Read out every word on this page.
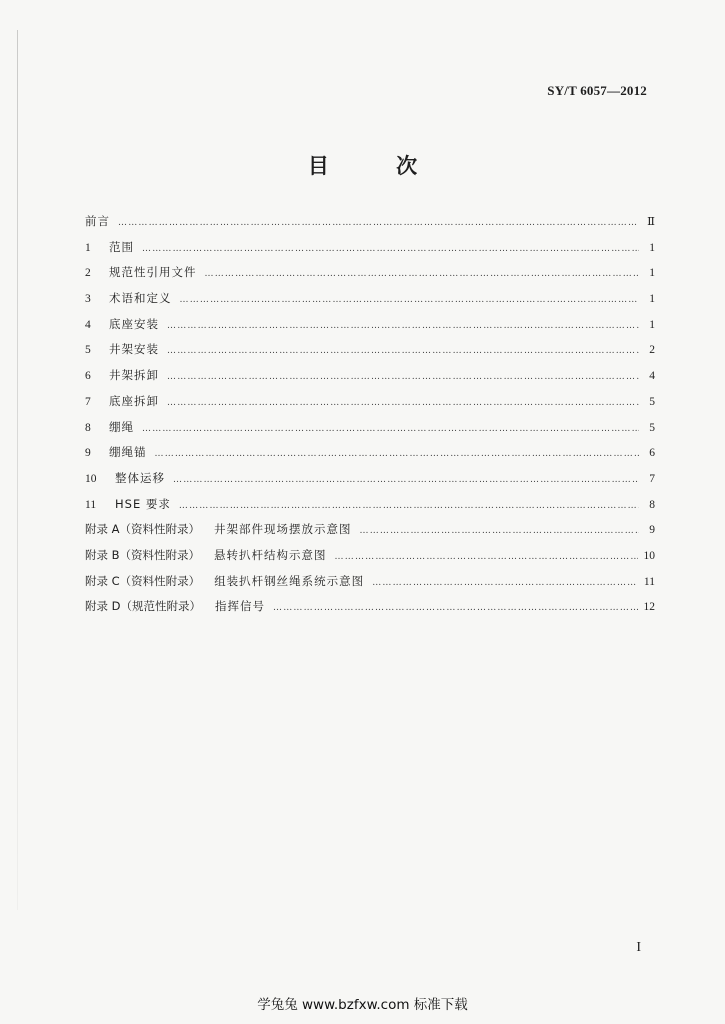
SY/T 6057—2012
目 次
前言 …………………………………………………………………………………………………………………………………………………………………………………………………	Ⅱ
1	范围 …………………………………………………………………………………………………………………………………………………………………………………………………	1
2	规范性引用文件 …………………………………………………………………………………………………………………………………………………………………………………………………	1
3	术语和定义 …………………………………………………………………………………………………………………………………………………………………………………………………	1
4	底座安装 …………………………………………………………………………………………………………………………………………………………………………………………………	1
5	井架安装 …………………………………………………………………………………………………………………………………………………………………………………………………	2
6	井架拆卸 …………………………………………………………………………………………………………………………………………………………………………………………………	4
7	底座拆卸 …………………………………………………………………………………………………………………………………………………………………………………………………	5
8	绷绳 …………………………………………………………………………………………………………………………………………………………………………………………………	5
9	绷绳锚 …………………………………………………………………………………………………………………………………………………………………………………………………	6
10	整体运移 …………………………………………………………………………………………………………………………………………………………………………………………………	7
11	HSE 要求 …………………………………………………………………………………………………………………………………………………………………………………………………	8
附录 A（资料性附录） 井架部件现场摆放示意图 …………………………………………………………………………………………………………………………………………………………………………………………………	9
附录 B（资料性附录） 悬转扒杆结构示意图 …………………………………………………………………………………………………………………………………………………………………………………………………	10
附录 C（资料性附录） 组装扒杆钢丝绳系统示意图 …………………………………………………………………………………………………………………………………………………………………………………………………	11
附录 D（规范性附录） 指挥信号 …………………………………………………………………………………………………………………………………………………………………………………………………	12
I
学兔兔 www.bzfxw.com 标准下载
